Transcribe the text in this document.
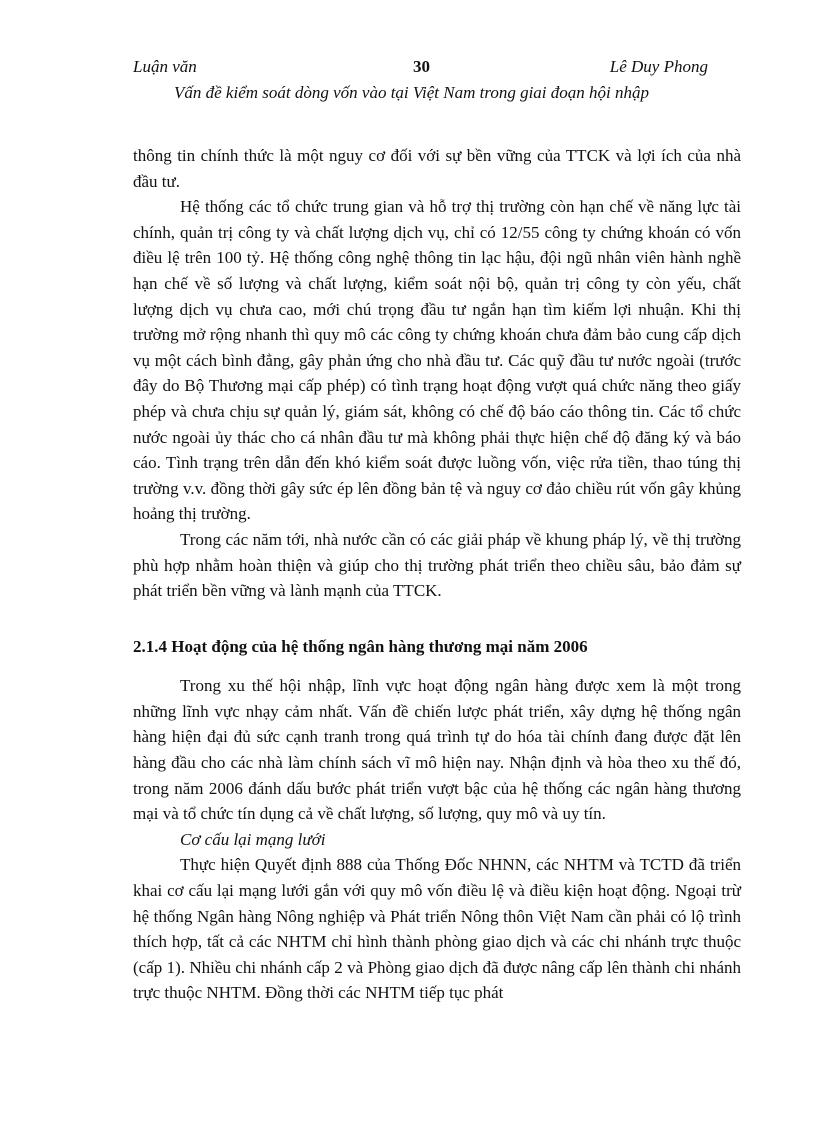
Luận văn	30	Lê Duy Phong
Vấn đề kiểm soát dòng vốn vào tại Việt Nam trong giai đoạn hội nhập

thông tin chính thức là một nguy cơ đối với sự bền vững của TTCK và lợi ích của nhà đầu tư.

Hệ thống các tổ chức trung gian và hỗ trợ thị trường còn hạn chế về năng lực tài chính, quản trị công ty và chất lượng dịch vụ, chỉ có 12/55 công ty chứng khoán có vốn điều lệ trên 100 tỷ. Hệ thống công nghệ thông tin lạc hậu, đội ngũ nhân viên hành nghề hạn chế về số lượng và chất lượng, kiểm soát nội bộ, quản trị công ty còn yếu, chất lượng dịch vụ chưa cao, mới chú trọng đầu tư ngắn hạn tìm kiếm lợi nhuận. Khi thị trường mở rộng nhanh thì quy mô các công ty chứng khoán chưa đảm bảo cung cấp dịch vụ một cách bình đẳng, gây phản ứng cho nhà đầu tư. Các quỹ đầu tư nước ngoài (trước đây do Bộ Thương mại cấp phép) có tình trạng hoạt động vượt quá chức năng theo giấy phép và chưa chịu sự quản lý, giám sát, không có chế độ báo cáo thông tin. Các tổ chức nước ngoài ủy thác cho cá nhân đầu tư mà không phải thực hiện chế độ đăng ký và báo cáo. Tình trạng trên dẫn đến khó kiểm soát được luồng vốn, việc rửa tiền, thao túng thị trường v.v. đồng thời gây sức ép lên đồng bản tệ và nguy cơ đảo chiều rút vốn gây khủng hoảng thị trường.

Trong các năm tới, nhà nước cần có các giải pháp về khung pháp lý, về thị trường phù hợp nhằm hoàn thiện và giúp cho thị trường phát triển theo chiều sâu, bảo đảm sự phát triển bền vững và lành mạnh của TTCK.

2.1.4 Hoạt động của hệ thống ngân hàng thương mại năm 2006

Trong xu thế hội nhập, lĩnh vực hoạt động ngân hàng được xem là một trong những lĩnh vực nhạy cảm nhất. Vấn đề chiến lược phát triển, xây dựng hệ thống ngân hàng hiện đại đủ sức cạnh tranh trong quá trình tự do hóa tài chính đang được đặt lên hàng đầu cho các nhà làm chính sách vĩ mô hiện nay. Nhận định và hòa theo xu thế đó, trong năm 2006 đánh dấu bước phát triển vượt bậc của hệ thống các ngân hàng thương mại và tổ chức tín dụng cả về chất lượng, số lượng, quy mô và uy tín.

Cơ cấu lại mạng lưới

Thực hiện Quyết định 888 của Thống Đốc NHNN, các NHTM và TCTD đã triển khai cơ cấu lại mạng lưới gắn với quy mô vốn điều lệ và điều kiện hoạt động. Ngoại trừ hệ thống Ngân hàng Nông nghiệp và Phát triển Nông thôn Việt Nam cần phải có lộ trình thích hợp, tất cả các NHTM chỉ hình thành phòng giao dịch và các chi nhánh trực thuộc (cấp 1). Nhiều chi nhánh cấp 2 và Phòng giao dịch đã được nâng cấp lên thành chi nhánh trực thuộc NHTM. Đồng thời các NHTM tiếp tục phát
